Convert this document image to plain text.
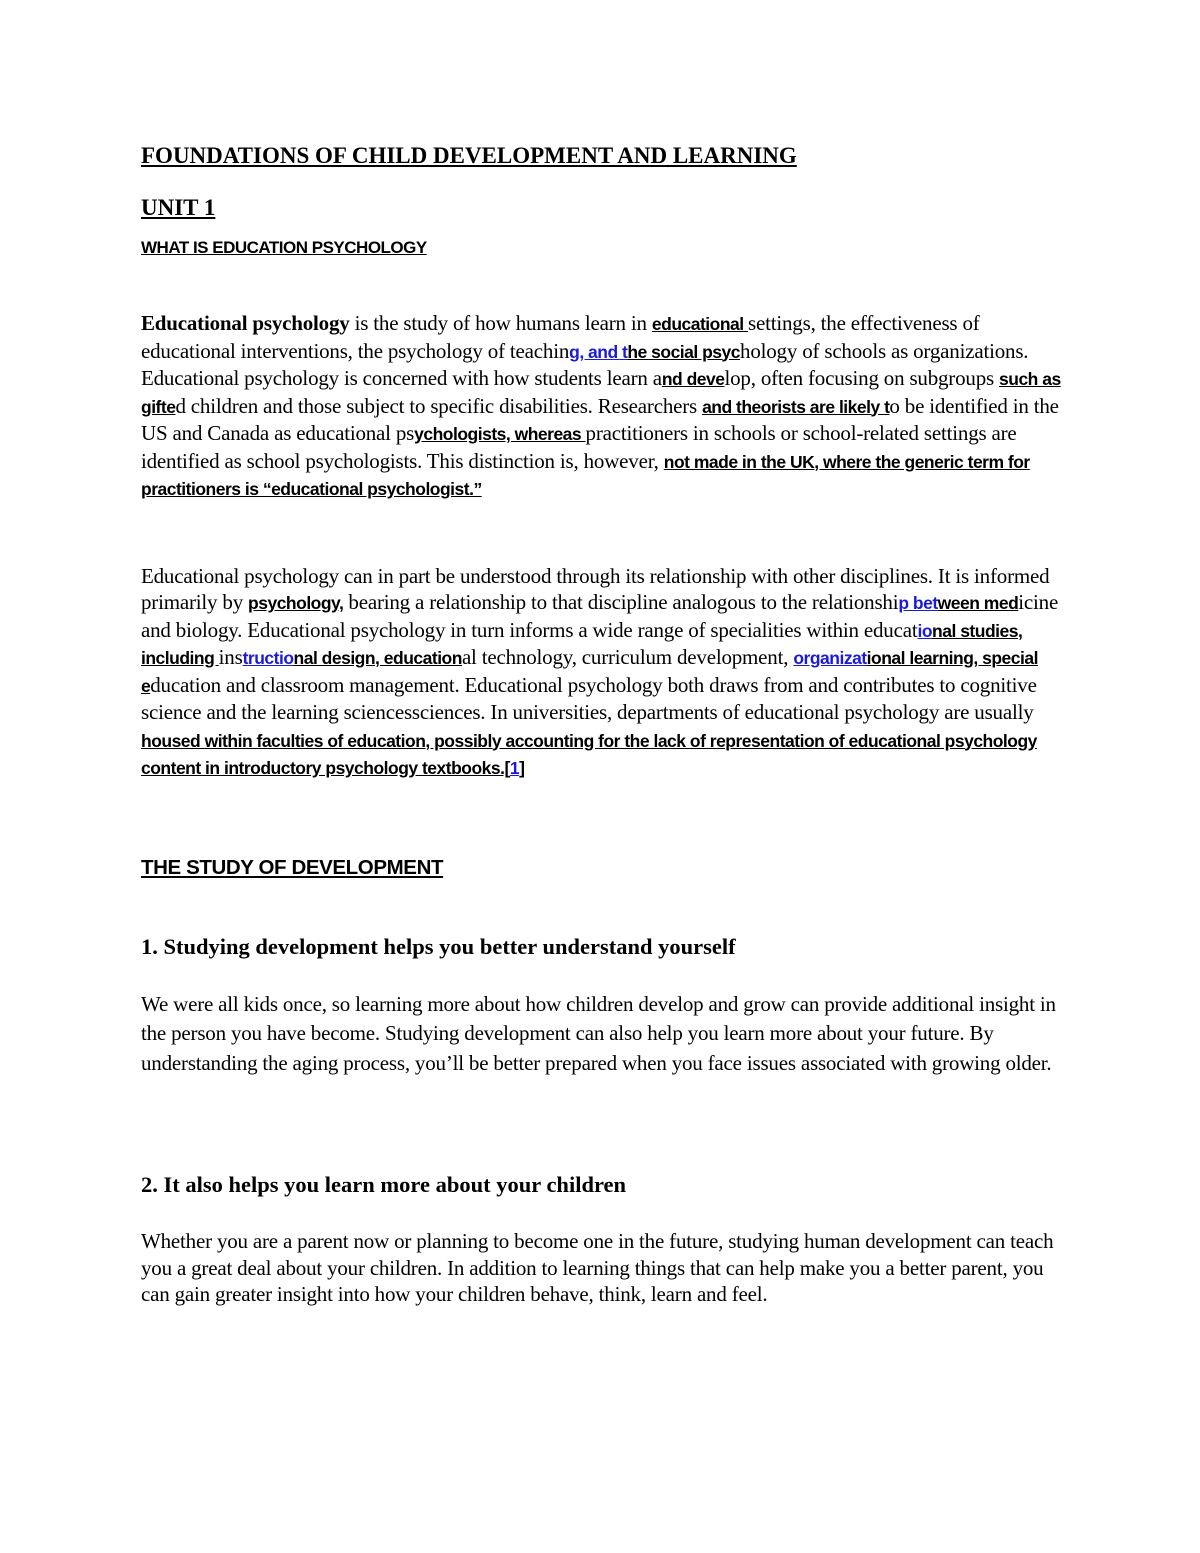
FOUNDATIONS OF CHILD DEVELOPMENT AND LEARNING
UNIT 1
WHAT IS EDUCATION PSYCHOLOGY

Educational psychology is the study of how humans learn in educational settings, the effectiveness of educational interventions, the psychology of teaching, and the social psychology of schools as organizations. Educational psychology is concerned with how students learn and develop, often focusing on subgroups such as gifted children and those subject to specific disabilities. Researchers and theorists are likely to be identified in the US and Canada as educational psychologists, whereas practitioners in schools or school-related settings are identified as school psychologists. This distinction is, however, not made in the UK, where the generic term for practitioners is “educational psychologist.”

Educational psychology can in part be understood through its relationship with other disciplines. It is informed primarily by psychology, bearing a relationship to that discipline analogous to the relationship between medicine and biology. Educational psychology in turn informs a wide range of specialities within educational studies, including instructional design, educational technology, curriculum development, organizational learning, special education and classroom management. Educational psychology both draws from and contributes to cognitive science and the learning sciencessciences. In universities, departments of educational psychology are usually housed within faculties of education, possibly accounting for the lack of representation of educational psychology content in introductory psychology textbooks.[1]

THE STUDY OF DEVELOPMENT
1. Studying development helps you better understand yourself

We were all kids once, so learning more about how children develop and grow can provide additional insight in the person you have become. Studying development can also help you learn more about your future. By understanding the aging process, you’ll be better prepared when you face issues associated with growing older.

2. It also helps you learn more about your children

Whether you are a parent now or planning to become one in the future, studying human development can teach you a great deal about your children. In addition to learning things that can help make you a better parent, you can gain greater insight into how your children behave, think, learn and feel.
